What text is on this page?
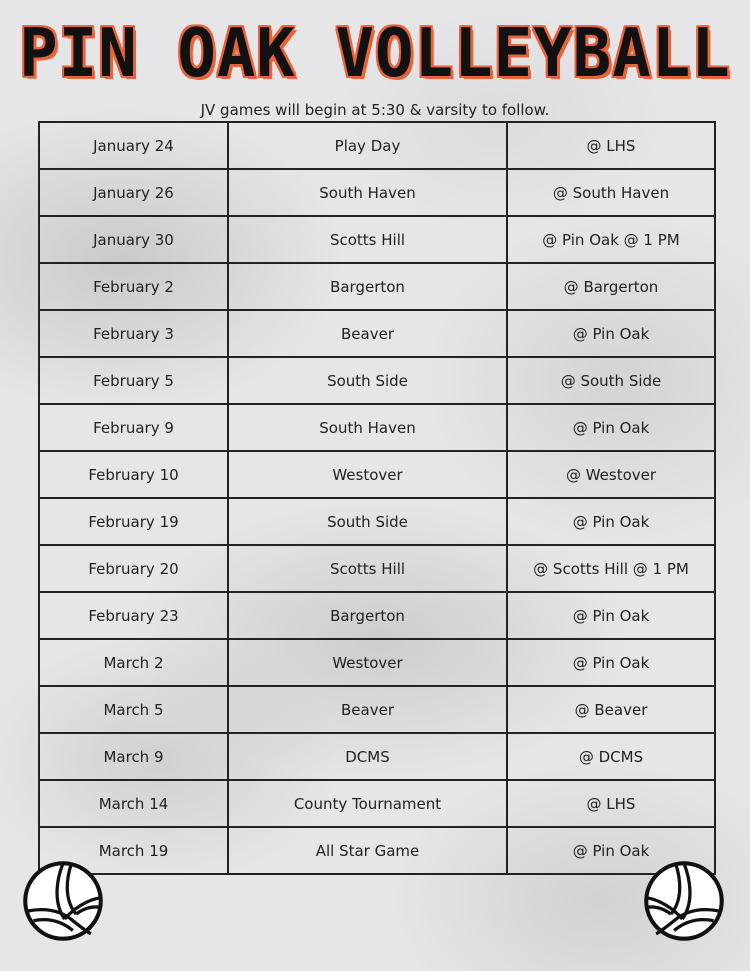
PIN OAK VOLLEYBALL
JV games will begin at 5:30 & varsity to follow.
January 24	Play Day	@ LHS
January 26	South Haven	@ South Haven
January 30	Scotts Hill	@ Pin Oak @ 1 PM
February 2	Bargerton	@ Bargerton
February 3	Beaver	@ Pin Oak
February 5	South Side	@ South Side
February 9	South Haven	@ Pin Oak
February 10	Westover	@ Westover
February 19	South Side	@ Pin Oak
February 20	Scotts Hill	@ Scotts Hill @ 1 PM
February 23	Bargerton	@ Pin Oak
March 2	Westover	@ Pin Oak
March 5	Beaver	@ Beaver
March 9	DCMS	@ DCMS
March 14	County Tournament	@ LHS
March 19	All Star Game	@ Pin Oak
